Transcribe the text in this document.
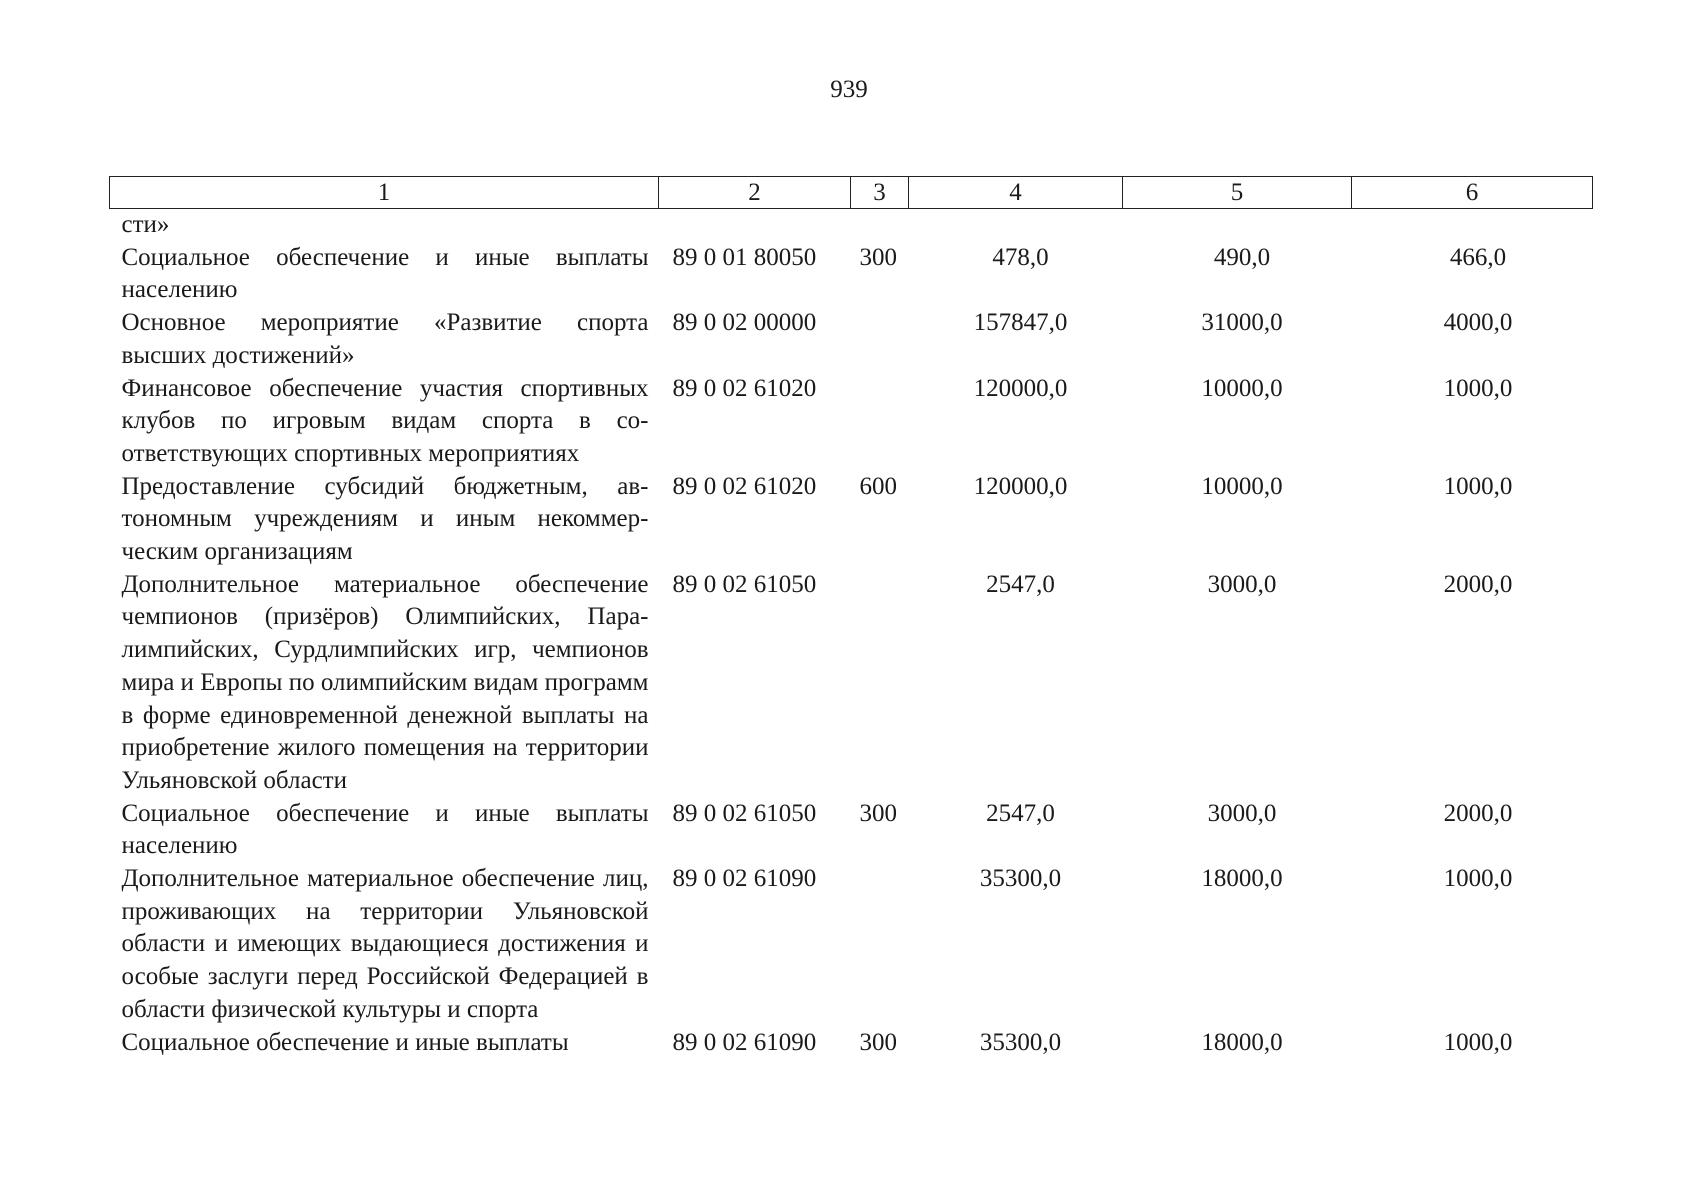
939
1	2	3	4	5	6
сти»					
Социальное обеспечение и иные выплаты населению	89 0 01 80050	300	478,0	490,0	466,0
Основное мероприятие «Развитие спорта высших достижений»	89 0 02 00000		157847,0	31000,0	4000,0
Финансовое обеспечение участия спортивных клубов по игровым видам спорта в соответствующих спортивных мероприятиях	89 0 02 61020		120000,0	10000,0	1000,0
Предоставление субсидий бюджетным, автономным учреждениям и иным некоммерческим организациям	89 0 02 61020	600	120000,0	10000,0	1000,0
Дополнительное материальное обеспечение чемпионов (призёров) Олимпийских, Паралимпийских, Сурдлимпийских игр, чемпионов мира и Европы по олимпийским видам программ в форме единовременной денежной выплаты на приобретение жилого помещения на территории Ульяновской области	89 0 02 61050		2547,0	3000,0	2000,0
Социальное обеспечение и иные выплаты населению	89 0 02 61050	300	2547,0	3000,0	2000,0
Дополнительное материальное обеспечение лиц, проживающих на территории Ульяновской области и имеющих выдающиеся достижения и особые заслуги перед Российской Федерацией в области физической культуры и спорта	89 0 02 61090		35300,0	18000,0	1000,0
Социальное обеспечение и иные выплаты	89 0 02 61090	300	35300,0	18000,0	1000,0
